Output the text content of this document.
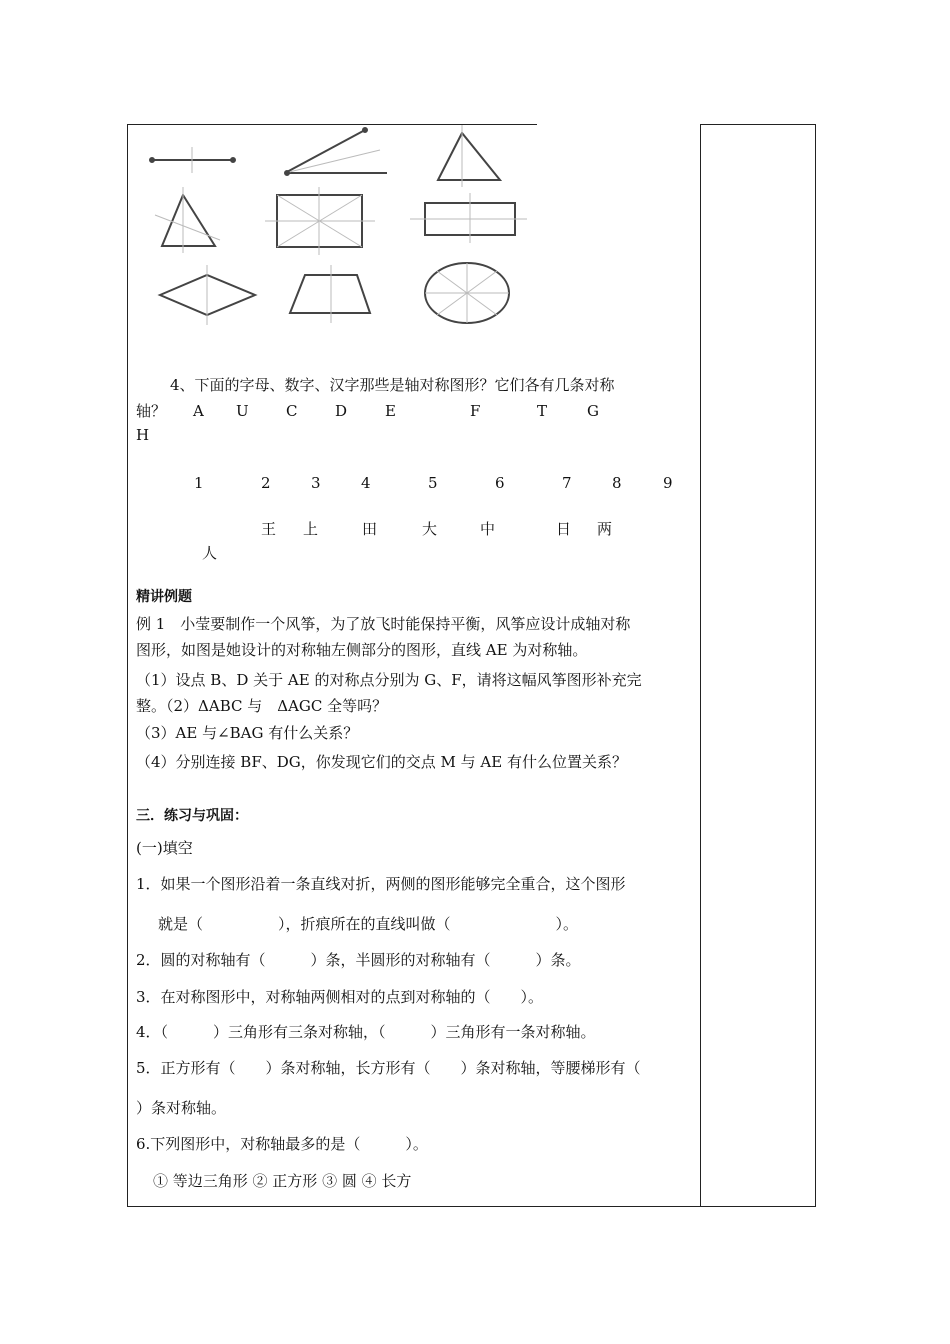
4、下面的字母、数字、汉字那些是轴对称图形？它们各有几条对称
轴？ A U C	D	E	F	T	G
H
1	2	3	4	5	6	7	8	9
王 上	田	大	中	日 两
人
精讲例题
例 1　小莹要制作一个风筝，为了放飞时能保持平衡，风筝应设计成轴对称
图形，如图是她设计的对称轴左侧部分的图形，直线 AE 为对称轴。
（1）设点 B、D 关于 AE 的对称点分别为 G、F，请将这幅风筝图形补充完
整。（2）ΔABC 与　ΔAGC 全等吗？
（3）AE 与∠BAG 有什么关系？
（4）分别连接 BF、DG，你发现它们的交点 M 与 AE 有什么位置关系？
三．练习与巩固：
(一)填空
1．如果一个图形沿着一条直线对折，两侧的图形能够完全重合，这个图形
就是（　　　　　），折痕所在的直线叫做（　　　　　　　）。
2．圆的对称轴有（　　　）条，半圆形的对称轴有（　　　）条。
3．在对称图形中，对称轴两侧相对的点到对称轴的（　　）。
4．（　　　）三角形有三条对称轴，（　　　）三角形有一条对称轴。
5．正方形有（　　）条对称轴，长方形有（　　）条对称轴，等腰梯形有（
）条对称轴。
6.下列图形中，对称轴最多的是（　　　）。
① 等边三角形 ② 正方形 ③ 圆 ④ 长方
